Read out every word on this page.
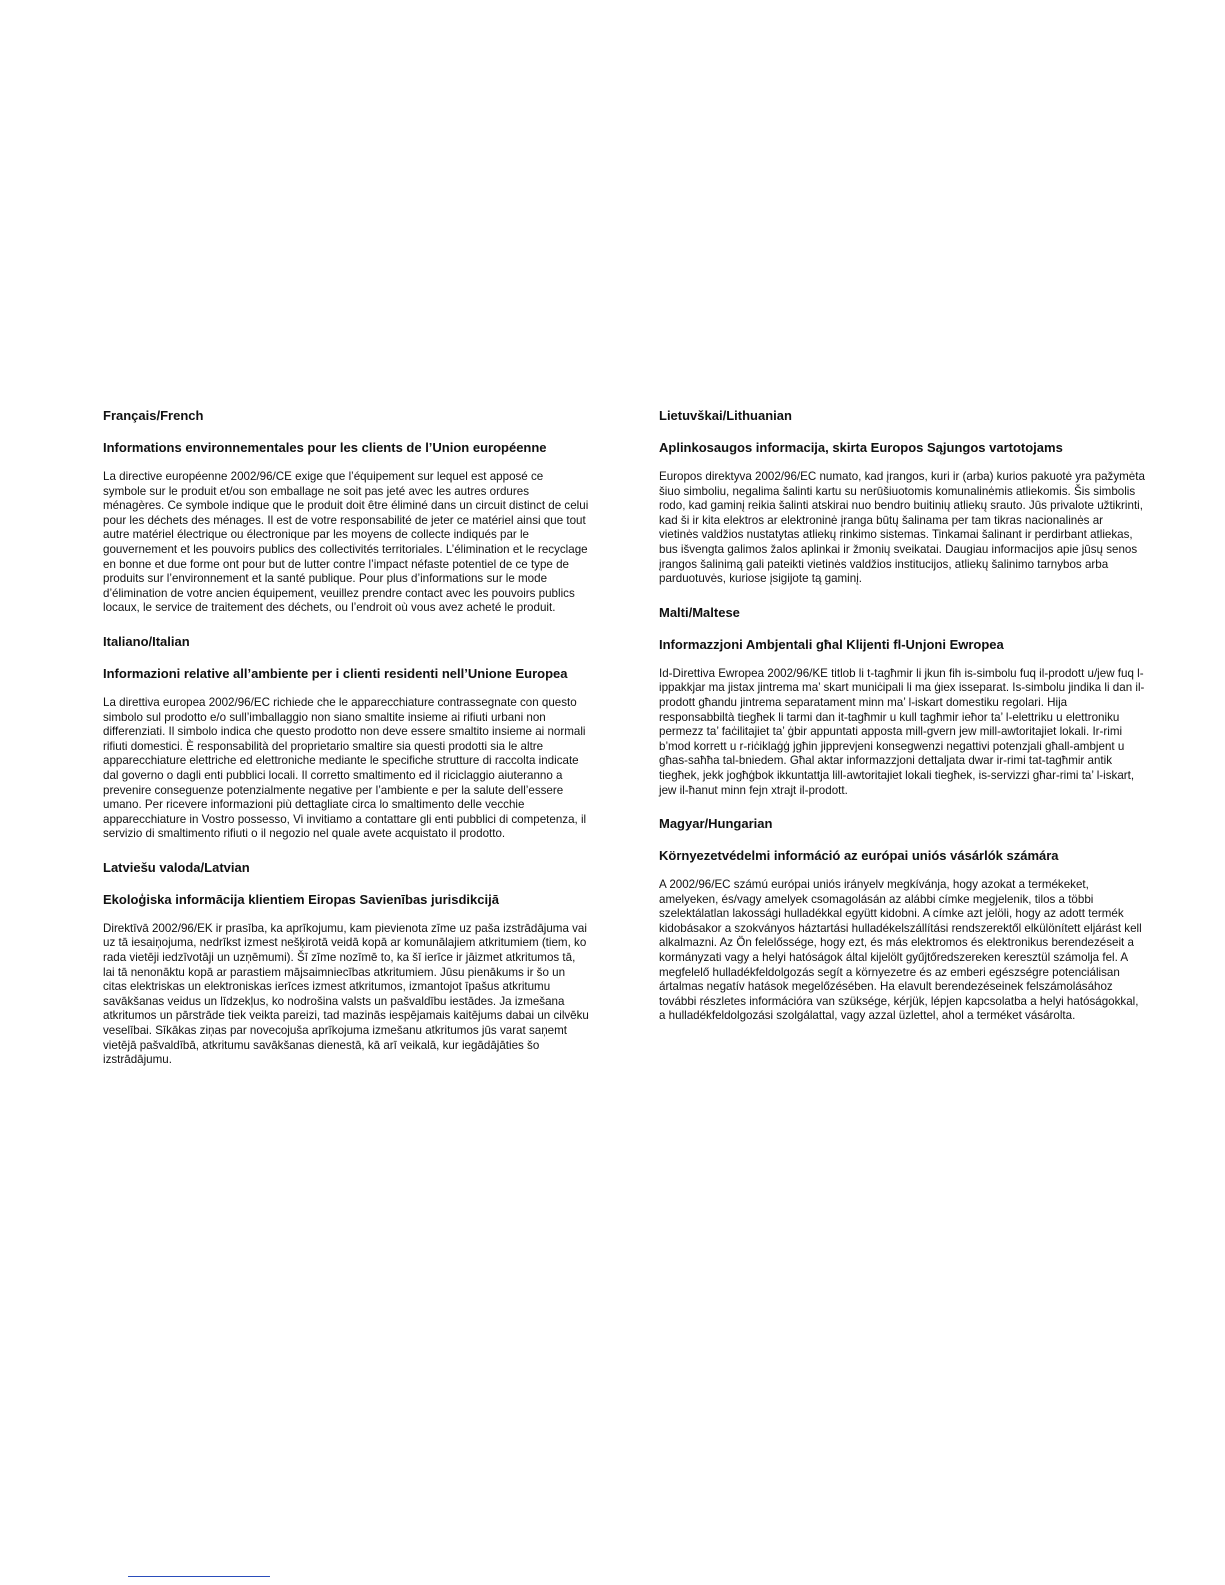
Français/French

Informations environnementales pour les clients de l’Union européenne

La directive européenne 2002/96/CE exige que l’équipement sur lequel est apposé ce symbole sur le produit et/ou son emballage ne soit pas jeté avec les autres ordures ménagères. Ce symbole indique que le produit doit être éliminé dans un circuit distinct de celui pour les déchets des ménages. Il est de votre responsabilité de jeter ce matériel ainsi que tout autre matériel électrique ou électronique par les moyens de collecte indiqués par le gouvernement et les pouvoirs publics des collectivités territoriales. L’élimination et le recyclage en bonne et due forme ont pour but de lutter contre l’impact néfaste potentiel de ce type de produits sur l’environnement et la santé publique. Pour plus d’informations sur le mode d’élimination de votre ancien équipement, veuillez prendre contact avec les pouvoirs publics locaux, le service de traitement des déchets, ou l’endroit où vous avez acheté le produit.

Italiano/Italian

Informazioni relative all’ambiente per i clienti residenti nell’Unione Europea

La direttiva europea 2002/96/EC richiede che le apparecchiature contrassegnate con questo simbolo sul prodotto e/o sull’imballaggio non siano smaltite insieme ai rifiuti urbani non differenziati. Il simbolo indica che questo prodotto non deve essere smaltito insieme ai normali rifiuti domestici. È responsabilità del proprietario smaltire sia questi prodotti sia le altre apparecchiature elettriche ed elettroniche mediante le specifiche strutture di raccolta indicate dal governo o dagli enti pubblici locali. Il corretto smaltimento ed il riciclaggio aiuteranno a prevenire conseguenze potenzialmente negative per l’ambiente e per la salute dell’essere umano. Per ricevere informazioni più dettagliate circa lo smaltimento delle vecchie apparecchiature in Vostro possesso, Vi invitiamo a contattare gli enti pubblici di competenza, il servizio di smaltimento rifiuti o il negozio nel quale avete acquistato il prodotto.

Latviešu valoda/Latvian

Ekoloģiska informācija klientiem Eiropas Savienības jurisdikcijā

Direktīvā 2002/96/EK ir prasība, ka aprīkojumu, kam pievienota zīme uz paša izstrādājuma vai uz tā iesaiņojuma, nedrīkst izmest nešķirotā veidā kopā ar komunālajiem atkritumiem (tiem, ko rada vietēji iedzīvotāji un uzņēmumi). Šī zīme nozīmē to, ka šī ierīce ir jāizmet atkritumos tā, lai tā nenonāktu kopā ar parastiem mājsaimniecības atkritumiem. Jūsu pienākums ir šo un citas elektriskas un elektroniskas ierīces izmest atkritumos, izmantojot īpašus atkritumu savākšanas veidus un līdzekļus, ko nodrošina valsts un pašvaldību iestādes. Ja izmešana atkritumos un pārstrāde tiek veikta pareizi, tad mazinās iespējamais kaitējums dabai un cilvēku veselībai. Sīkākas ziņas par novecojuša aprīkojuma izmešanu atkritumos jūs varat saņemt vietējā pašvaldībā, atkritumu savākšanas dienestā, kā arī veikalā, kur iegādājāties šo izstrādājumu.

Lietuvškai/Lithuanian

Aplinkosaugos informacija, skirta Europos Sąjungos vartotojams

Europos direktyva 2002/96/EC numato, kad įrangos, kuri ir (arba) kurios pakuotė yra pažymėta šiuo simboliu, negalima šalinti kartu su nerūšiuotomis komunalinėmis atliekomis. Šis simbolis rodo, kad gaminį reikia šalinti atskirai nuo bendro buitinių atliekų srauto. Jūs privalote užtikrinti, kad ši ir kita elektros ar elektroninė įranga būtų šalinama per tam tikras nacionalinės ar vietinės valdžios nustatytas atliekų rinkimo sistemas. Tinkamai šalinant ir perdirbant atliekas, bus išvengta galimos žalos aplinkai ir žmonių sveikatai. Daugiau informacijos apie jūsų senos įrangos šalinimą gali pateikti vietinės valdžios institucijos, atliekų šalinimo tarnybos arba parduotuvės, kuriose įsigijote tą gaminį.

Malti/Maltese

Informazzjoni Ambjentali għal Klijenti fl-Unjoni Ewropea

Id-Direttiva Ewropea 2002/96/KE titlob li t-tagħmir li jkun fih is-simbolu fuq il-prodott u/jew fuq l-ippakkjar ma jistax jintrema ma’ skart muniċipali li ma ġiex isseparat. Is-simbolu jindika li dan il-prodott għandu jintrema separatament minn ma’ l-iskart domestiku regolari. Hija responsabbiltà tiegħek li tarmi dan it-tagħmir u kull tagħmir ieħor ta’ l-elettriku u elettroniku permezz ta’ faċilitajiet ta’ ġbir appuntati apposta mill-gvern jew mill-awtoritajiet lokali. Ir-rimi b’mod korrett u r-riċiklaġġ jgħin jipprevjeni konsegwenzi negattivi potenzjali għall-ambjent u għas-saħħa tal-bniedem. Għal aktar informazzjoni dettaljata dwar ir-rimi tat-tagħmir antik tiegħek, jekk jogħġbok ikkuntattja lill-awtoritajiet lokali tiegħek, is-servizzi għar-rimi ta’ l-iskart, jew il-ħanut minn fejn xtrajt il-prodott.

Magyar/Hungarian

Környezetvédelmi információ az európai uniós vásárlók számára

A 2002/96/EC számú európai uniós irányelv megkívánja, hogy azokat a termékeket, amelyeken, és/vagy amelyek csomagolásán az alábbi címke megjelenik, tilos a többi szelektálatlan lakossági hulladékkal együtt kidobni. A címke azt jelöli, hogy az adott termék kidobásakor a szokványos háztartási hulladékelszállítási rendszerektől elkülönített eljárást kell alkalmazni. Az Ön felelőssége, hogy ezt, és más elektromos és elektronikus berendezéseit a kormányzati vagy a helyi hatóságok által kijelölt gyűjtőredszereken keresztül számolja fel. A megfelelő hulladékfeldolgozás segít a környezetre és az emberi egészségre potenciálisan ártalmas negatív hatások megelőzésében. Ha elavult berendezéseinek felszámolásához további részletes információra van szüksége, kérjük, lépjen kapcsolatba a helyi hatóságokkal, a hulladékfeldolgozási szolgálattal, vagy azzal üzlettel, ahol a terméket vásárolta.
